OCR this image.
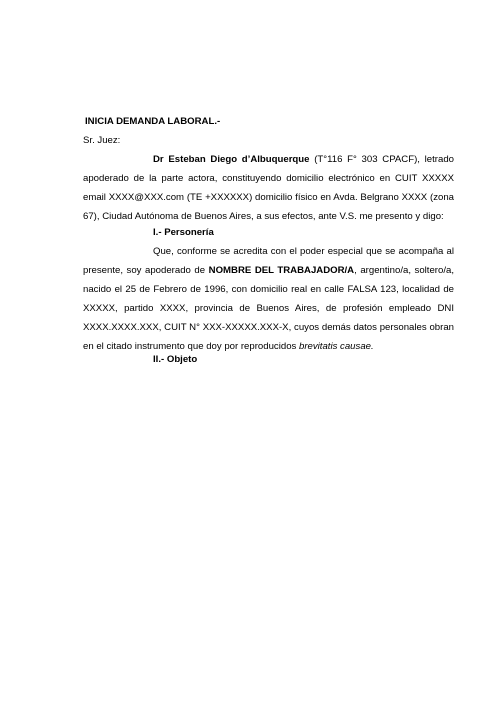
INICIA DEMANDA LABORAL.-
Sr. Juez:
Dr Esteban Diego d’Albuquerque (T°116 F° 303 CPACF), letrado apoderado de la parte actora, constituyendo domicilio electrónico en CUIT XXXXX email XXXX@XXX.com (TE +XXXXXX) domicilio físico en Avda. Belgrano XXXX (zona 67), Ciudad Autónoma de Buenos Aires, a sus efectos, ante V.S. me presento y digo:
I.- Personería
Que, conforme se acredita con el poder especial que se acompaña al presente, soy apoderado de NOMBRE DEL TRABAJADOR/A, argentino/a, soltero/a, nacido el 25 de Febrero de 1996, con domicilio real en calle FALSA 123, localidad de XXXXX, partido XXXX, provincia de Buenos Aires, de profesión empleado DNI XXXX.XXXX.XXX, CUIT N° XXX-XXXXX.XXX-X, cuyos demás datos personales obran en el citado instrumento que doy por reproducidos brevitatis causae.
II.- Objeto
